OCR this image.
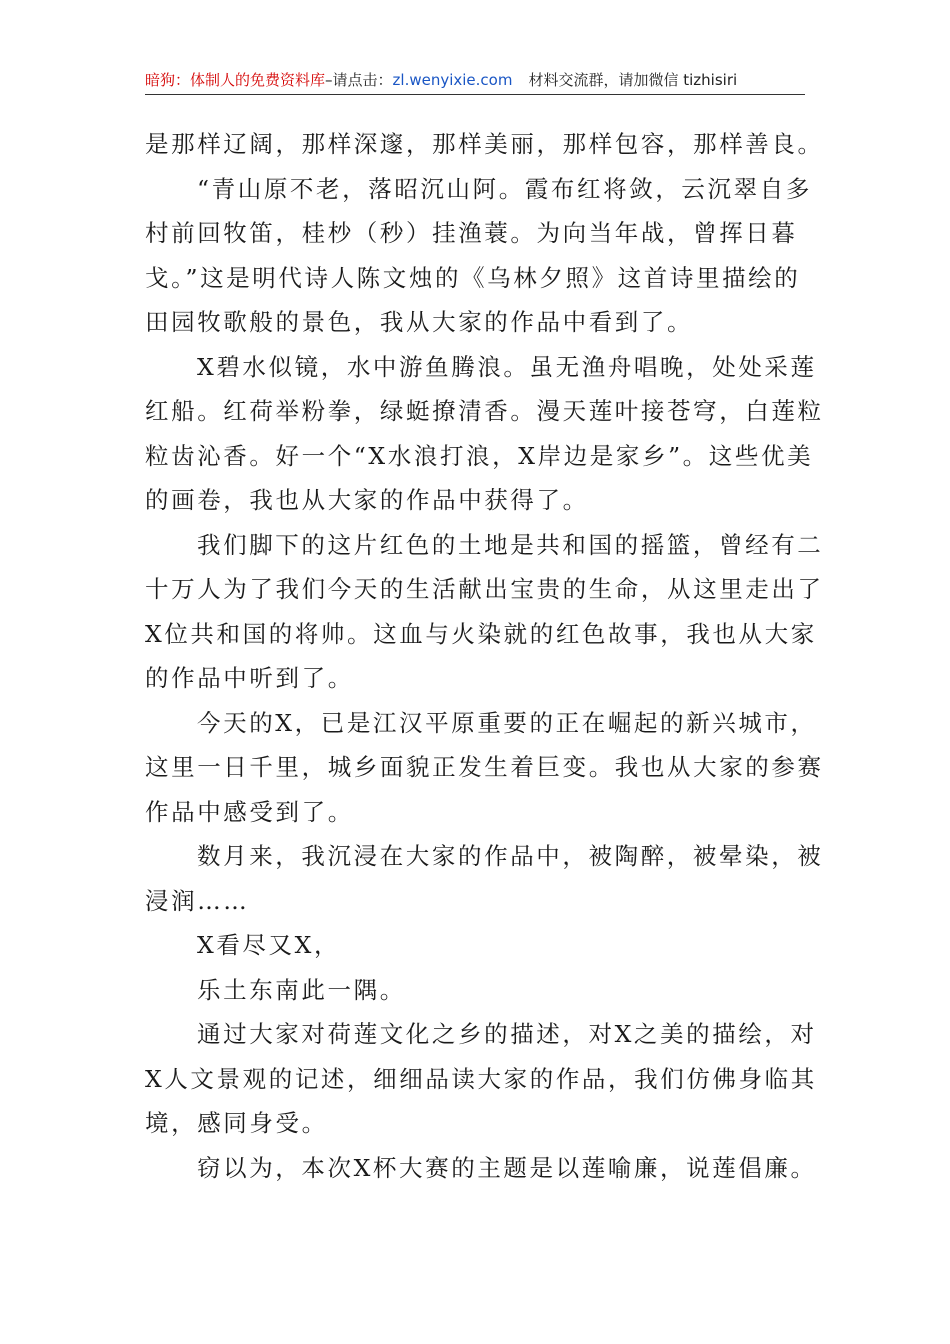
暗狗：体制人的免费资料库–请点击：zl.wenyixie.com 材料交流群，请加微信 tizhisiri

是那样辽阔，那样深邃，那样美丽，那样包容，那样善良。

“青山原不老，落昭沉山阿。霞布红将敛，云沉翠自多村前回牧笛，桂杪（秒）挂渔蓑。为向当年战，曾挥日暮戈。”这是明代诗人陈文烛的《乌林夕照》这首诗里描绘的田园牧歌般的景色，我从大家的作品中看到了。

X碧水似镜，水中游鱼腾浪。虽无渔舟唱晚，处处采莲红船。红荷举粉拳，绿蜓撩清香。漫天莲叶接苍穹，白莲粒粒齿沁香。好一个“X水浪打浪，X岸边是家乡”。这些优美的画卷，我也从大家的作品中获得了。

我们脚下的这片红色的土地是共和国的摇篮，曾经有二十万人为了我们今天的生活献出宝贵的生命，从这里走出了X位共和国的将帅。这血与火染就的红色故事，我也从大家的作品中听到了。

今天的X，已是江汉平原重要的正在崛起的新兴城市，这里一日千里，城乡面貌正发生着巨变。我也从大家的参赛作品中感受到了。

数月来，我沉浸在大家的作品中，被陶醉，被晕染，被浸润……

X看尽又X，

乐土东南此一隅。

通过大家对荷莲文化之乡的描述，对X之美的描绘，对X人文景观的记述，细细品读大家的作品，我们仿佛身临其境，感同身受。

窃以为，本次X杯大赛的主题是以莲喻廉，说莲倡廉。
